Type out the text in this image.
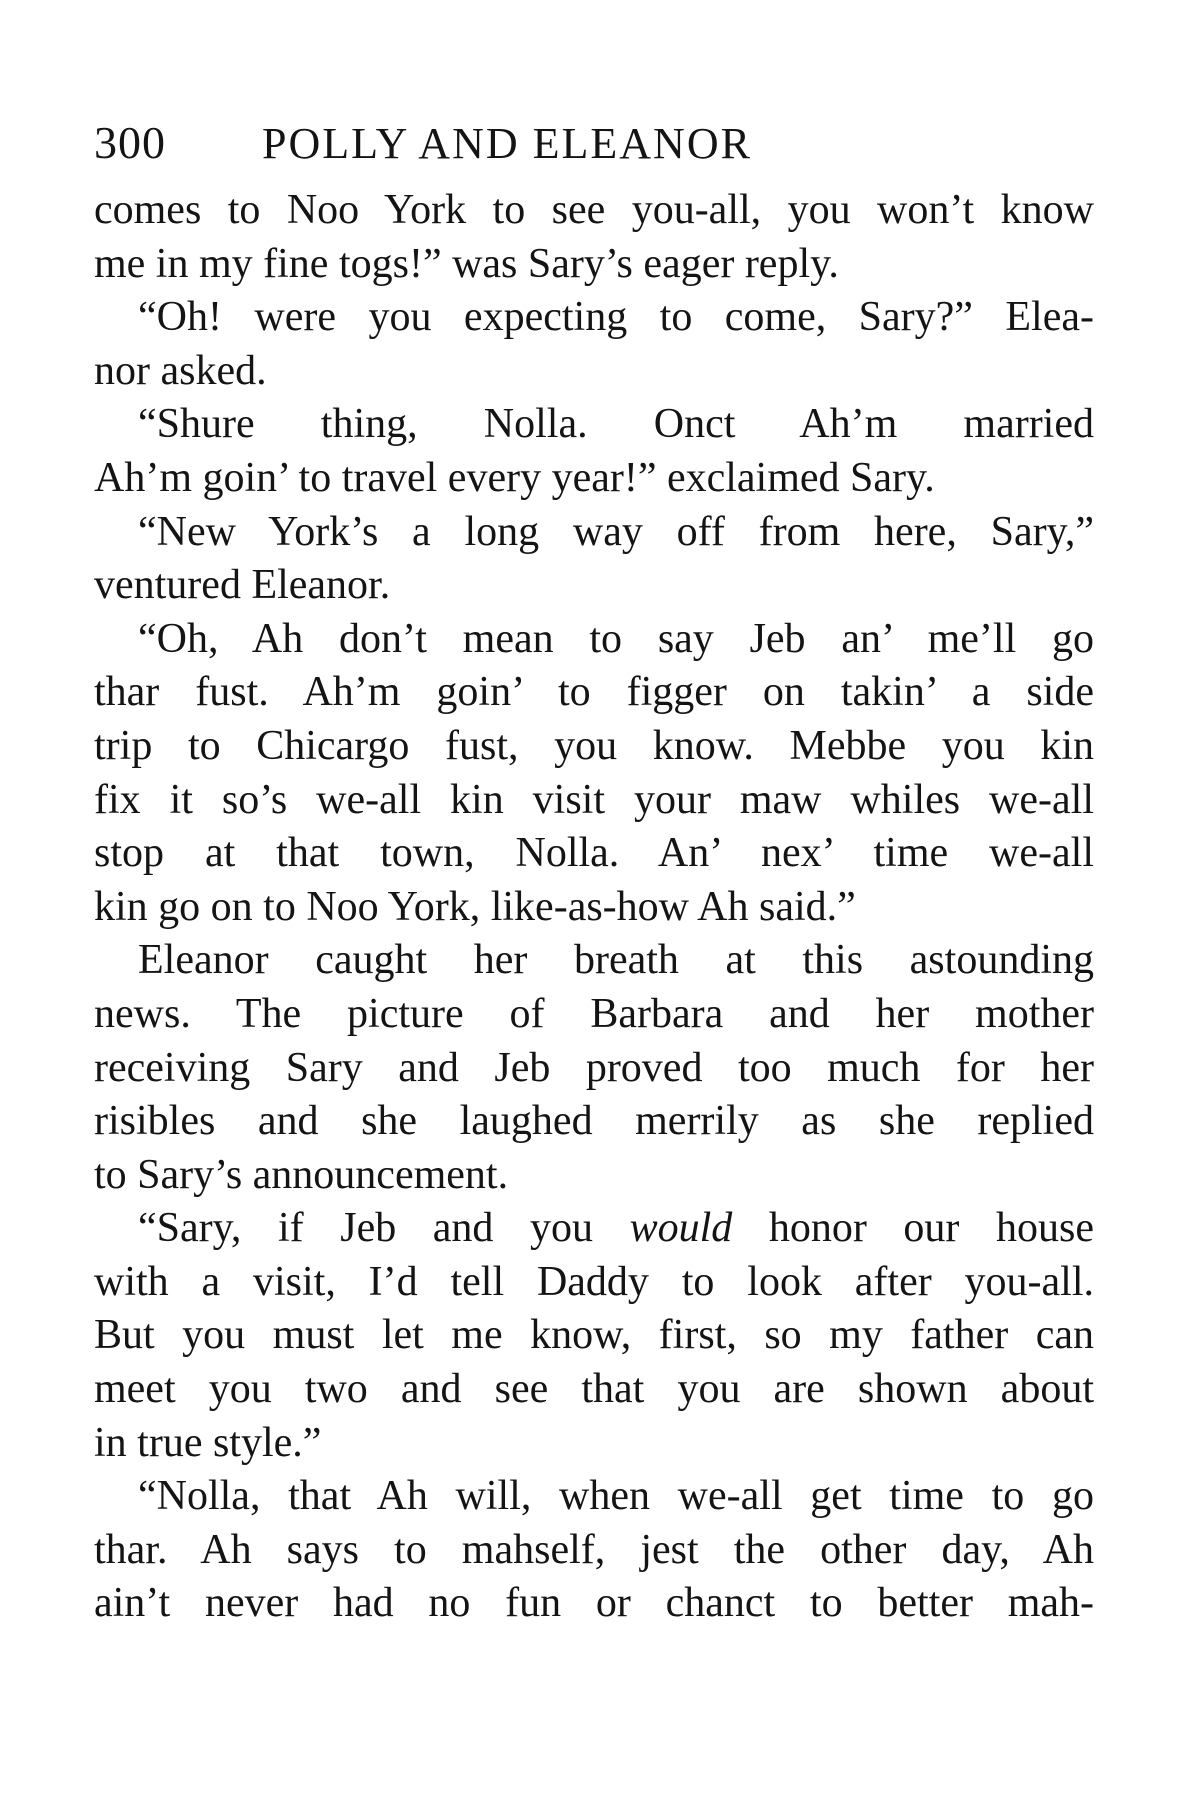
300	POLLY AND ELEANOR
comes to Noo York to see you-all, you won’t know
me in my fine togs!” was Sary’s eager reply.
“Oh! were you expecting to come, Sary?” Elea-
nor asked.
“Shure thing, Nolla. Onct Ah’m married
Ah’m goin’ to travel every year!” exclaimed Sary.
“New York’s a long way off from here, Sary,”
ventured Eleanor.
“Oh, Ah don’t mean to say Jeb an’ me’ll go
thar fust. Ah’m goin’ to figger on takin’ a side
trip to Chicargo fust, you know. Mebbe you kin
fix it so’s we-all kin visit your maw whiles we-all
stop at that town, Nolla. An’ nex’ time we-all
kin go on to Noo York, like-as-how Ah said.”
Eleanor caught her breath at this astounding
news. The picture of Barbara and her mother
receiving Sary and Jeb proved too much for her
risibles and she laughed merrily as she replied
to Sary’s announcement.
“Sary, if Jeb and you would honor our house
with a visit, I’d tell Daddy to look after you-all.
But you must let me know, first, so my father can
meet you two and see that you are shown about
in true style.”
“Nolla, that Ah will, when we-all get time to go
thar. Ah says to mahself, jest the other day, Ah
ain’t never had no fun or chanct to better mah-
